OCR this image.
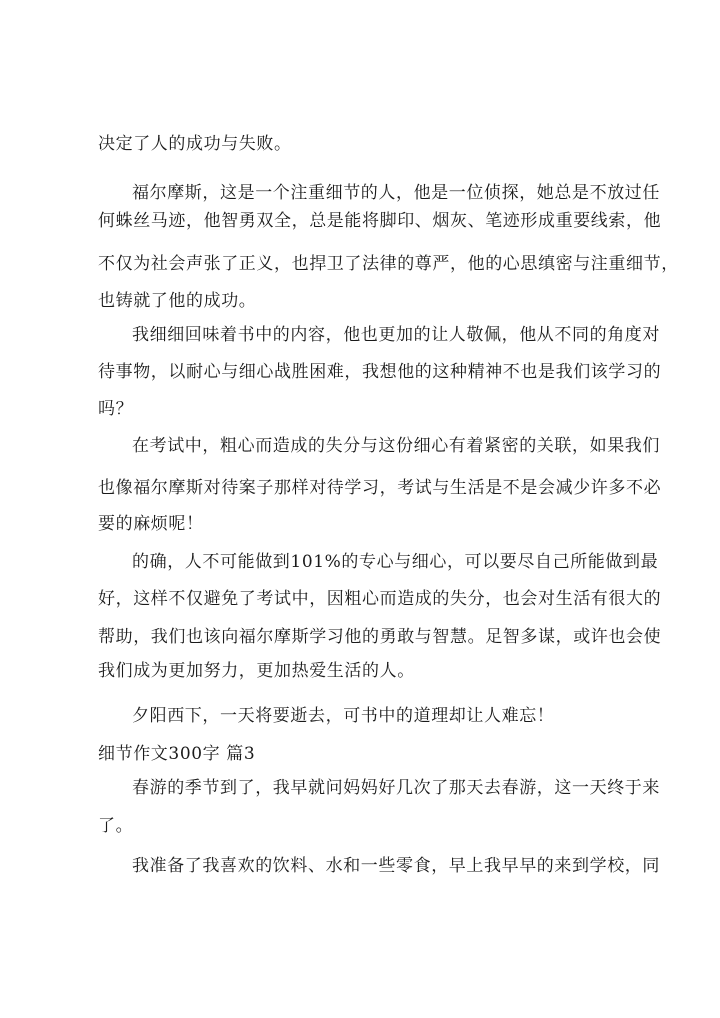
决定了人的成功与失败。
福尔摩斯，这是一个注重细节的人，他是一位侦探，她总是不放过任
何蛛丝马迹，他智勇双全，总是能将脚印、烟灰、笔迹形成重要线索，他
不仅为社会声张了正义，也捍卫了法律的尊严，他的心思缜密与注重细节，
也铸就了他的成功。
我细细回味着书中的内容，他也更加的让人敬佩，他从不同的角度对
待事物，以耐心与细心战胜困难，我想他的这种精神不也是我们该学习的
吗？
在考试中，粗心而造成的失分与这份细心有着紧密的关联，如果我们
也像福尔摩斯对待案子那样对待学习，考试与生活是不是会减少许多不必
要的麻烦呢！
的确，人不可能做到101%的专心与细心，可以要尽自己所能做到最
好，这样不仅避免了考试中，因粗心而造成的失分，也会对生活有很大的
帮助，我们也该向福尔摩斯学习他的勇敢与智慧。足智多谋，或许也会使
我们成为更加努力，更加热爱生活的人。
夕阳西下，一天将要逝去，可书中的道理却让人难忘！
细节作文300字 篇3
春游的季节到了，我早就问妈妈好几次了那天去春游，这一天终于来
了。
我准备了我喜欢的饮料、水和一些零食，早上我早早的来到学校，同
